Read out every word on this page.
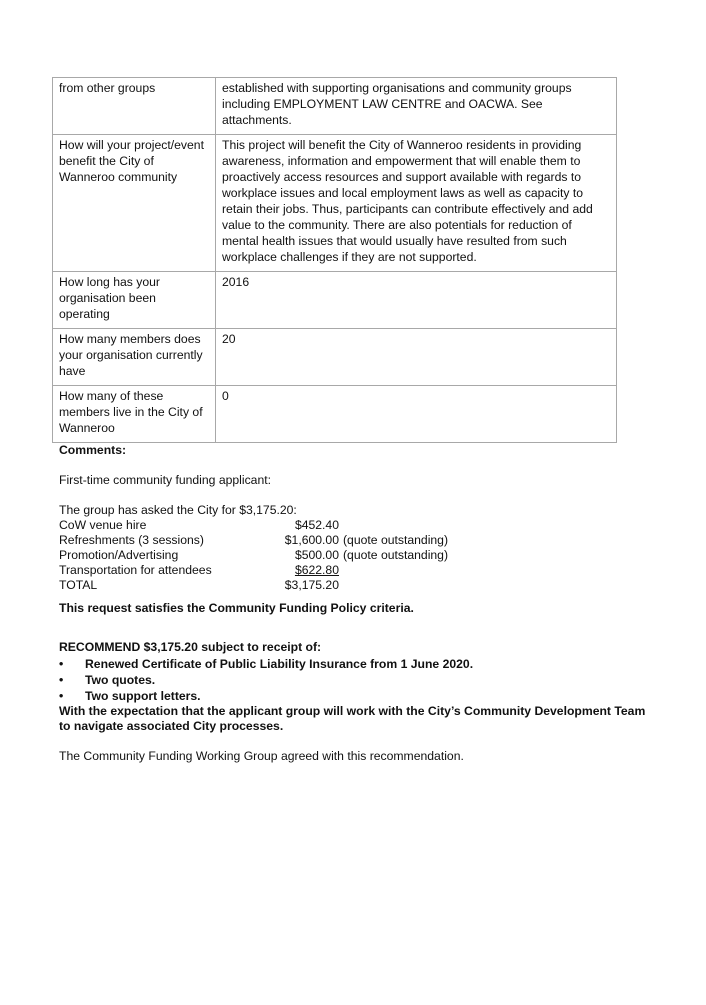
from other groups	established with supporting organisations and community groups including EMPLOYMENT LAW CENTRE and OACWA. See attachments.
How will your project/event benefit the City of Wanneroo community	This project will benefit the City of Wanneroo residents in providing awareness, information and empowerment that will enable them to proactively access resources and support available with regards to workplace issues and local employment laws as well as capacity to retain their jobs. Thus, participants can contribute effectively and add value to the community. There are also potentials for reduction of mental health issues that would usually have resulted from such workplace challenges if they are not supported.
How long has your organisation been operating	2016
How many members does your organisation currently have	20
How many of these members live in the City of Wanneroo	0
Comments:
First-time community funding applicant:
The group has asked the City for $3,175.20:
CoW venue hire	$452.40
Refreshments (3 sessions)	$1,600.00 (quote outstanding)
Promotion/Advertising	$500.00 (quote outstanding)
Transportation for attendees	$622.80
TOTAL	$3,175.20
This request satisfies the Community Funding Policy criteria.
RECOMMEND $3,175.20 subject to receipt of:
•	Renewed Certificate of Public Liability Insurance from 1 June 2020.
•	Two quotes.
•	Two support letters.
With the expectation that the applicant group will work with the City’s Community Development Team to navigate associated City processes.
The Community Funding Working Group agreed with this recommendation.
